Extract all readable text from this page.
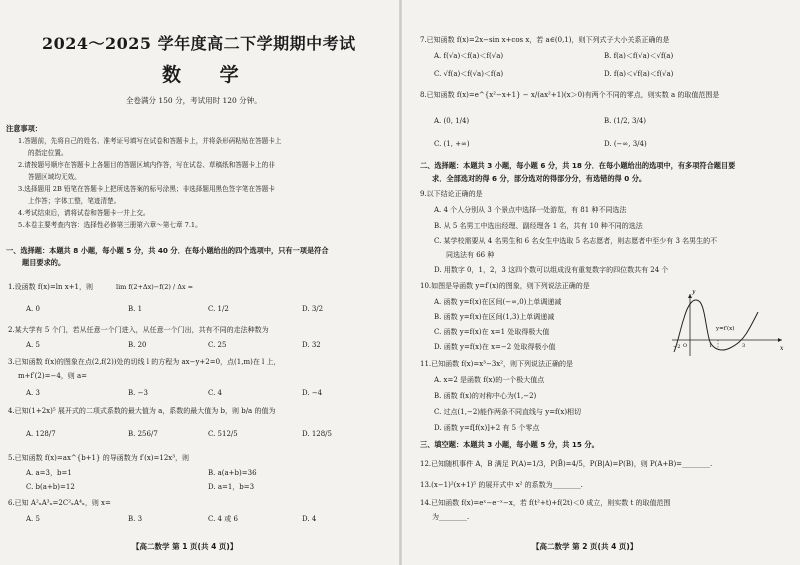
2024～2025 学年度高二下学期期中考试
数 学
全卷满分 150 分，考试用时 120 分钟。
注意事项：
1.答题前，先将自己的姓名、准考证号填写在试卷和答题卡上，并将条形码粘贴在答题卡上
的指定位置。
2.请按题号顺序在答题卡上各题目的答题区域内作答，写在试卷、草稿纸和答题卡上的非
答题区域均无效。
3.选择题用 2B 铅笔在答题卡上把所选答案的标号涂黑；非选择题用黑色签字笔在答题卡
上作答；字体工整，笔迹清楚。
4.考试结束后，请将试卷和答题卡一并上交。
5.本卷主要考查内容：选择性必修第三册第六章～第七章 7.1。
一、选择题：本题共 8 小题，每小题 5 分，共 40 分．在每小题给出的四个选项中，只有一项是符合
题目要求的。
1.设函数 f(x)=ln x+1，则	lim f(2+Δx)−f(2) / Δx =
A. 0	B. 1	C. 1/2	D. 3/2
2.某大学有 5 个门，若从任意一个门进入，从任意一个门出，共有不同的走法种数为
A. 5	B. 20	C. 25	D. 32
3.已知函数 f(x)的图象在点(2,f(2))处的切线 l 的方程为 ax−y+2=0，点(1,m)在 l 上，
m+f′(2)=−4，则 a=
A. 3	B. −3	C. 4	D. −4
4.已知(1+2x)⁵ 展开式的二项式系数的最大值为 a，系数的最大值为 b，则 b/a 的值为
A. 128/7	B. 256/7	C. 512/5	D. 128/5
5.已知函数 f(x)=ax^{b+1} 的导函数为 f′(x)=12x³，则
A. a=3，b=1	B. a(a+b)=36
C. b(a+b)=12	D. a=1，b=3
6.已知 A²ₓA³ₓ=2C²ₓA⁴ₓ，则 x=
A. 5	B. 3	C. 4 或 6	D. 4
【高二数学 第 1 页(共 4 页)】
7.已知函数 f(x)=2x−sin x+cos x，若 a∈(0,1)，则下列式子大小关系正确的是
A. f(√a)＜f(a)＜f(√a)	B. f(a)＜f(√a)＜√f(a)
C. √f(a)＜f(√a)＜f(a)	D. f(a)＜√f(a)＜f(√a)
8.已知函数 f(x)=e^{x²−x+1} − x/(ax²+1)(x＞0)有两个不同的零点，则实数 a 的取值范围是
A. (0, 1/4)	B. (1/2, 3/4)
C. (1, +∞)	D. (−∞, 3/4)
二、选择题：本题共 3 小题，每小题 6 分，共 18 分．在每小题给出的选项中，有多项符合题目要
求．全部选对的得 6 分，部分选对的得部分分，有选错的得 0 分。
9.以下结论正确的是
A. 4 个人分别从 3 个景点中选择一处游览，有 81 种不同选法
B. 从 5 名男工中选出经理、副经理各 1 名，共有 10 种不同的选法
C. 某学校需要从 4 名男生和 6 名女生中选取 5 名志愿者，则志愿者中至少有 3 名男生的不
同选法有 66 种
D. 用数字 0，1，2，3 这四个数可以组成没有重复数字的四位数共有 24 个
10.如图是导函数 y=f′(x)的图象，则下列说法正确的是
A. 函数 y=f(x)在区间(−∞,0)上单调递减
B. 函数 y=f(x)在区间(1,3)上单调递减
C. 函数 y=f(x)在 x=1 处取得极大值
D. 函数 y=f(x)在 x=−2 处取得极小值
y
x
y=f′(x)
−2 O	1	3
11.已知函数 f(x)=x³−3x²，则下列说法正确的是
A. x=2 是函数 f(x)的一个极大值点
B. 函数 f(x)的对称中心为(1,−2)
C. 过点(1,−2)能作两条不同直线与 y=f(x)相切
D. 函数 y=f[f(x)]+2 有 5 个零点
三、填空题：本题共 3 小题，每小题 5 分，共 15 分。
12.已知随机事件 A，B 满足 P(A)=1/3，P(B̄)=4/5，P(B|A)=P(B)，则 P(A+B)=________.
13.(x−1)²(x+1)⁵ 的展开式中 x² 的系数为________.
14.已知函数 f(x)=eˣ−e⁻ˣ−x，若 f(t²+t)+f(2t)＜0 成立，则实数 t 的取值范围
为________.
【高二数学 第 2 页(共 4 页)】
